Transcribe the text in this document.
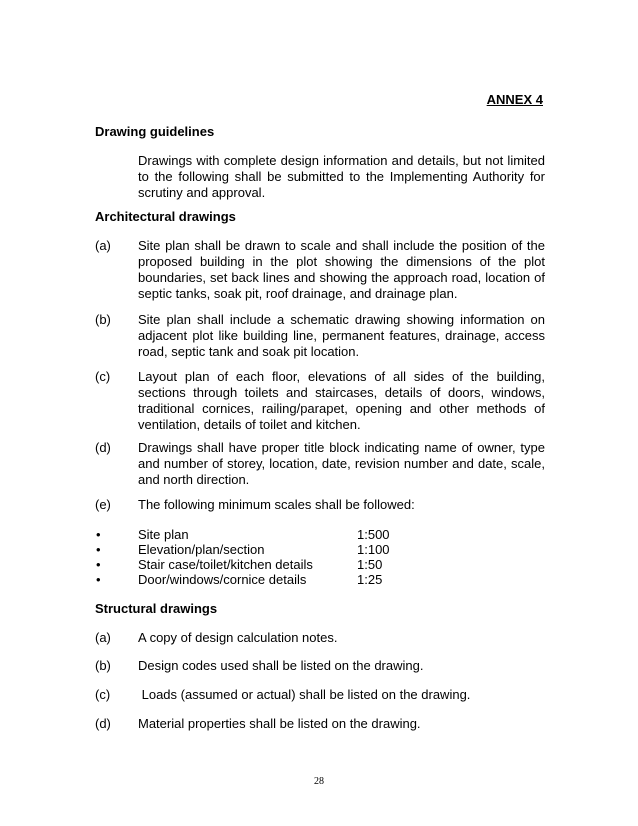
ANNEX 4
Drawing guidelines
Drawings with complete design information and details, but not limited to the following shall be submitted to the Implementing Authority for scrutiny and approval.
Architectural drawings
(a) Site plan shall be drawn to scale and shall include the position of the proposed building in the plot showing the dimensions of the plot boundaries, set back lines and showing the approach road, location of septic tanks, soak pit, roof drainage, and drainage plan.
(b) Site plan shall include a schematic drawing showing information on adjacent plot like building line, permanent features, drainage, access road, septic tank and soak pit location.
(c) Layout plan of each floor, elevations of all sides of the building, sections through toilets and staircases, details of doors, windows, traditional cornices, railing/parapet, opening and other methods of ventilation, details of toilet and kitchen.
(d) Drawings shall have proper title block indicating name of owner, type and number of storey, location, date, revision number and date, scale, and north direction.
(e) The following minimum scales shall be followed:
•	Site plan	1:500
•	Elevation/plan/section	1:100
•	Stair case/toilet/kitchen details	1:50
•	Door/windows/cornice details	1:25
Structural drawings
(a) A copy of design calculation notes.
(b) Design codes used shall be listed on the drawing.
(c) Loads (assumed or actual) shall be listed on the drawing.
(d) Material properties shall be listed on the drawing.
28
